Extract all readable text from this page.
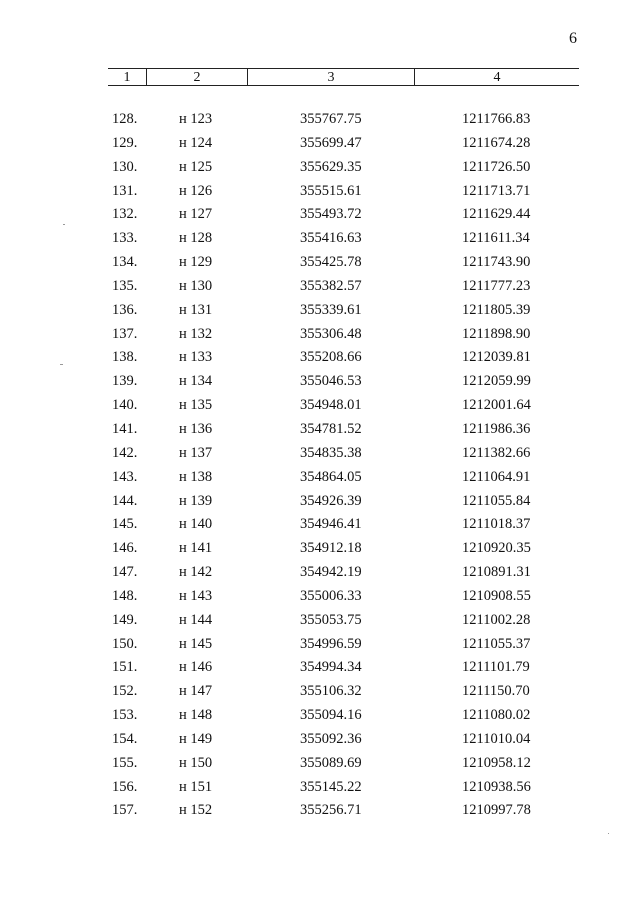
6
1	2	3	4
128.	н 123	355767.75	1211766.83
129.	н 124	355699.47	1211674.28
130.	н 125	355629.35	1211726.50
131.	н 126	355515.61	1211713.71
132.	н 127	355493.72	1211629.44
133.	н 128	355416.63	1211611.34
134.	н 129	355425.78	1211743.90
135.	н 130	355382.57	1211777.23
136.	н 131	355339.61	1211805.39
137.	н 132	355306.48	1211898.90
138.	н 133	355208.66	1212039.81
139.	н 134	355046.53	1212059.99
140.	н 135	354948.01	1212001.64
141.	н 136	354781.52	1211986.36
142.	н 137	354835.38	1211382.66
143.	н 138	354864.05	1211064.91
144.	н 139	354926.39	1211055.84
145.	н 140	354946.41	1211018.37
146.	н 141	354912.18	1210920.35
147.	н 142	354942.19	1210891.31
148.	н 143	355006.33	1210908.55
149.	н 144	355053.75	1211002.28
150.	н 145	354996.59	1211055.37
151.	н 146	354994.34	1211101.79
152.	н 147	355106.32	1211150.70
153.	н 148	355094.16	1211080.02
154.	н 149	355092.36	1211010.04
155.	н 150	355089.69	1210958.12
156.	н 151	355145.22	1210938.56
157.	н 152	355256.71	1210997.78
